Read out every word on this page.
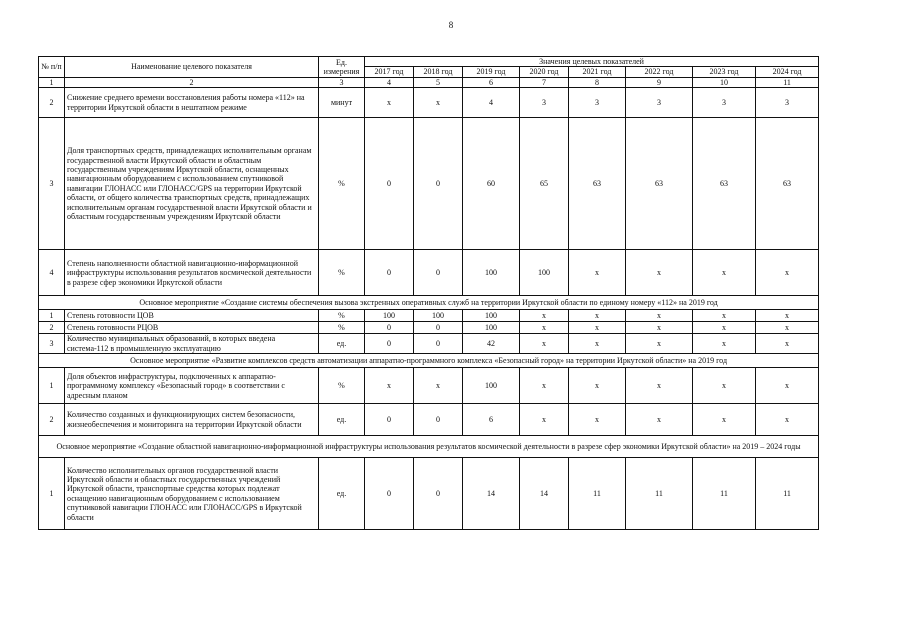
8
№ п/п	Наименование целевого показателя	Ед. измерения	Значения целевых показателей							
			2017 год	2018 год	2019 год	2020 год	2021 год	2022 год	2023 год	2024 год
1	2	3	4	5	6	7	8	9	10	11
2	Снижение среднего времени восстановления работы номера «112» на территории Иркутской области в нештатном режиме	минут	х	х	4	3	3	3	3	3
3	Доля транспортных средств, принадлежащих исполнительным органам государственной власти Иркутской области и областным государственным учреждениям Иркутской области, оснащенных навигационным оборудованием с использованием спутниковой навигации ГЛОНАСС или ГЛОНАСС/GPS на территории Иркутской области, от общего количества транспортных средств, принадлежащих исполнительным органам государственной власти Иркутской области и областным государственным учреждениям Иркутской области	%	0	0	60	65	63	63	63	63
4	Степень наполненности областной навигационно-информационной инфраструктуры использования результатов космической деятельности в разрезе сфер экономики Иркутской области	%	0	0	100	100	х	х	х	х
Основное мероприятие «Создание системы обеспечения вызова экстренных оперативных служб на территории Иркутской области по единому номеру «112» на 2019 год										
1	Степень готовности ЦОВ	%	100	100	100	х	х	х	х	х
2	Степень готовности РЦОВ	%	0	0	100	х	х	х	х	х
3	Количество муниципальных образований, в которых введена система-112 в промышленную эксплуатацию	ед.	0	0	42	х	х	х	х	х
Основное мероприятие «Развитие комплексов средств автоматизации аппаратно-программного комплекса «Безопасный город» на территории Иркутской области» на 2019 год										
1	Доля объектов инфраструктуры, подключенных к аппаратно-программному комплексу «Безопасный город» в соответствии с адресным планом	%	х	х	100	х	х	х	х	х
2	Количество созданных и функционирующих систем безопасности, жизнеобеспечения и мониторинга на территории Иркутской области	ед.	0	0	6	х	х	х	х	х
Основное мероприятие «Создание областной навигационно-информационной инфраструктуры использования результатов космической деятельности в разрезе сфер экономики Иркутской области» на 2019 – 2024 годы										
1	Количество исполнительных органов государственной власти Иркутской области и областных государственных учреждений Иркутской области, транспортные средства которых подлежат оснащению навигационным оборудованием с использованием спутниковой навигации ГЛОНАСС или ГЛОНАСС/GPS в Иркутской области	ед.	0	0	14	14	11	11	11	11
